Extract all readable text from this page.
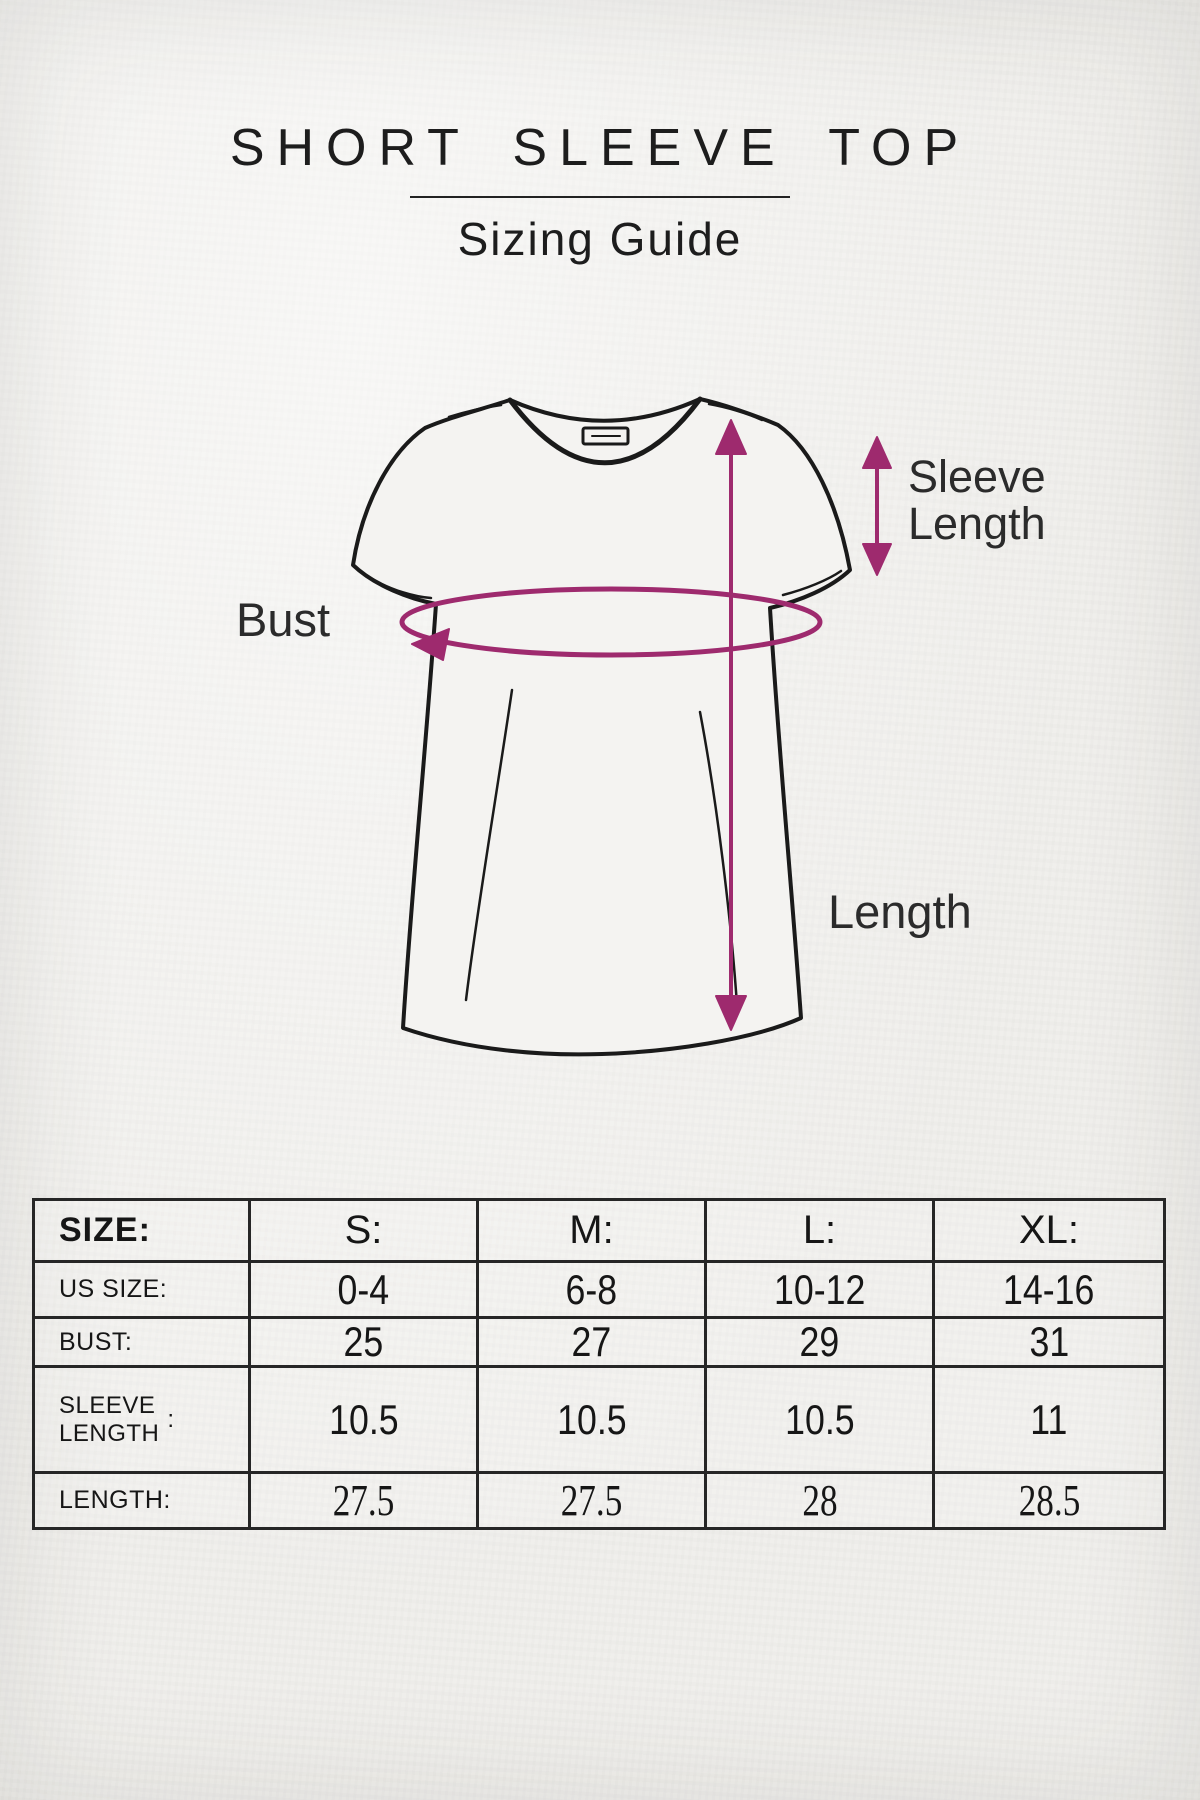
SHORT SLEEVE TOP
Sizing Guide
Bust
Sleeve
Length
Length
SIZE:	S:	M:	L:	XL:
US SIZE:	0-4	6-8	10-12	14-16
BUST:	25	27	29	31
SLEEVE
LENGTH
:	10.5	10.5	10.5	11
LENGTH:	27.5	27.5	28	28.5
